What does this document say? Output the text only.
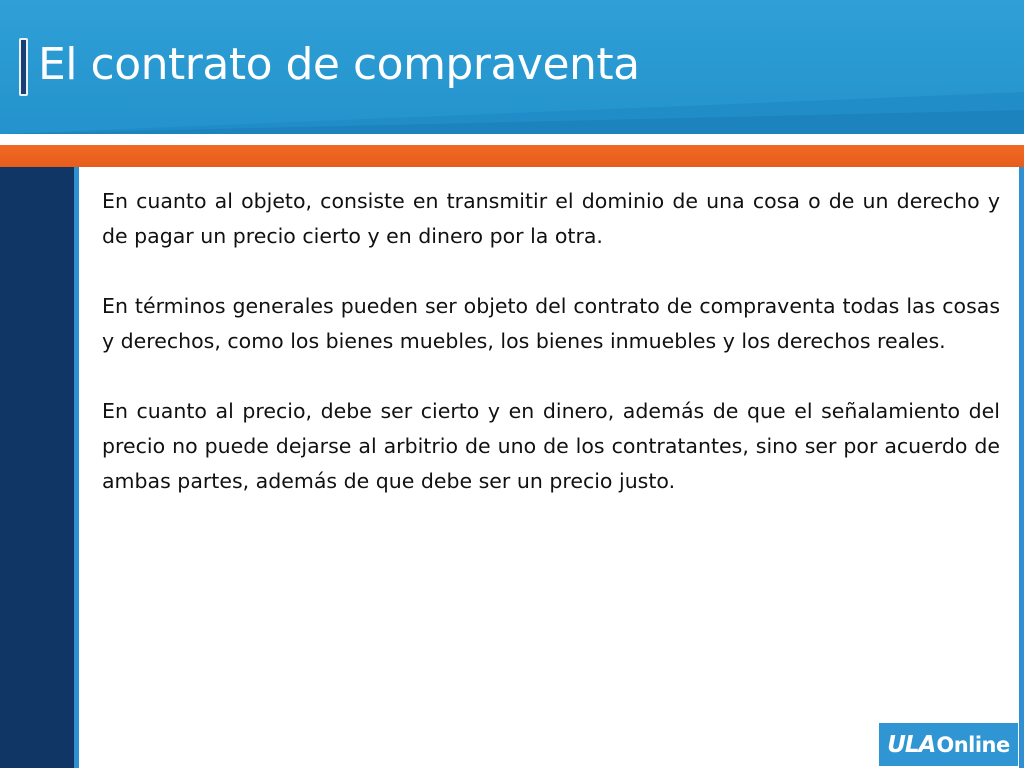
El contrato de compraventa

En cuanto al objeto, consiste en transmitir el dominio de una cosa o de un derecho y de pagar un precio cierto y en dinero por la otra.

En términos generales pueden ser objeto del contrato de compraventa todas las cosas y derechos, como los bienes muebles, los bienes inmuebles y los derechos reales.

En cuanto al precio, debe ser cierto y en dinero, además de que el señalamiento del precio no puede dejarse al arbitrio de uno de los contratantes, sino ser por acuerdo de ambas partes, además de que debe ser un precio justo.

ULA Online
